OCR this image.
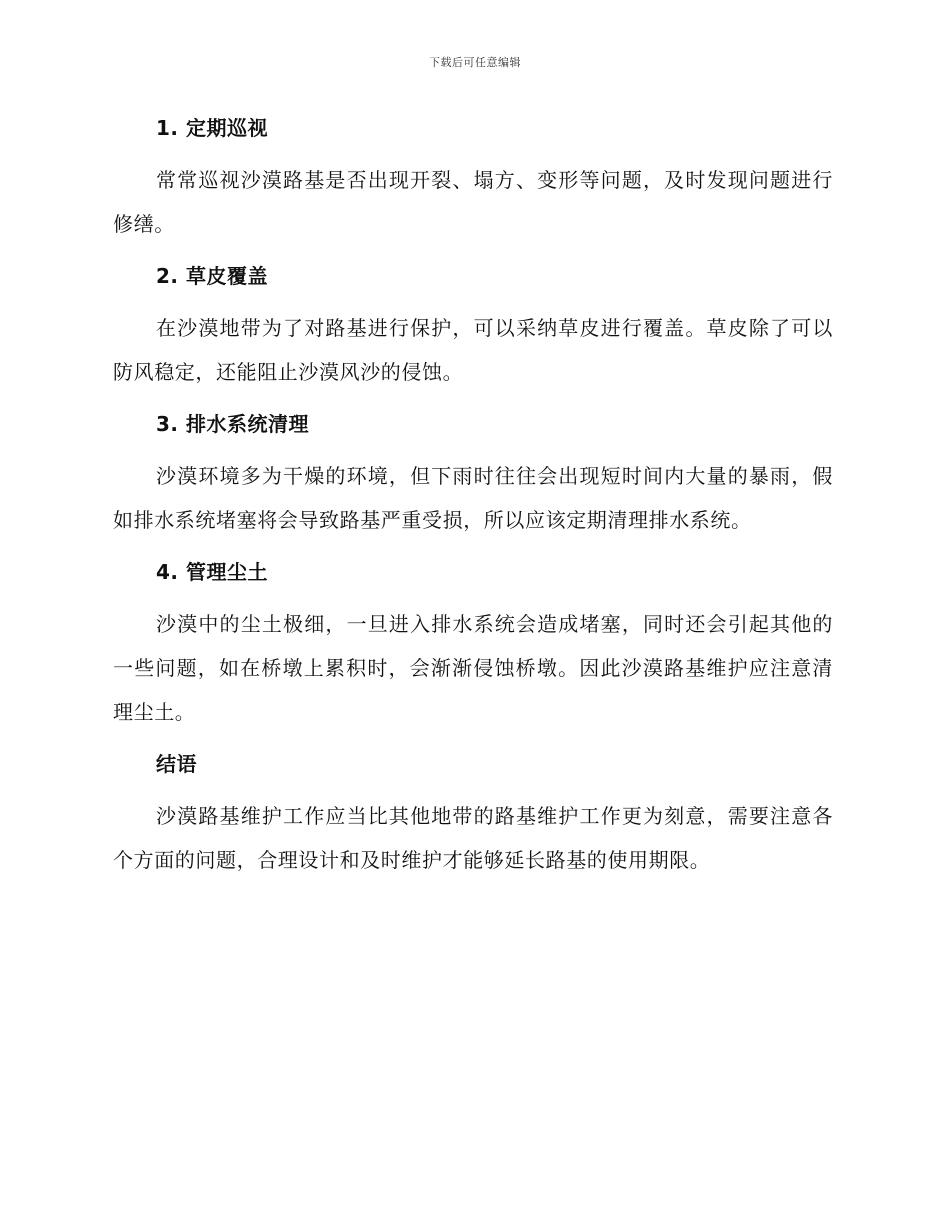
下载后可任意编辑
1. 定期巡视
常常巡视沙漠路基是否出现开裂、塌方、变形等问题，及时发现问题进行修缮。
2. 草皮覆盖
在沙漠地带为了对路基进行保护，可以采纳草皮进行覆盖。草皮除了可以防风稳定，还能阻止沙漠风沙的侵蚀。
3. 排水系统清理
沙漠环境多为干燥的环境，但下雨时往往会出现短时间内大量的暴雨，假如排水系统堵塞将会导致路基严重受损，所以应该定期清理排水系统。
4. 管理尘土
沙漠中的尘土极细，一旦进入排水系统会造成堵塞，同时还会引起其他的一些问题，如在桥墩上累积时，会渐渐侵蚀桥墩。因此沙漠路基维护应注意清理尘土。
结语
沙漠路基维护工作应当比其他地带的路基维护工作更为刻意，需要注意各个方面的问题，合理设计和及时维护才能够延长路基的使用期限。
